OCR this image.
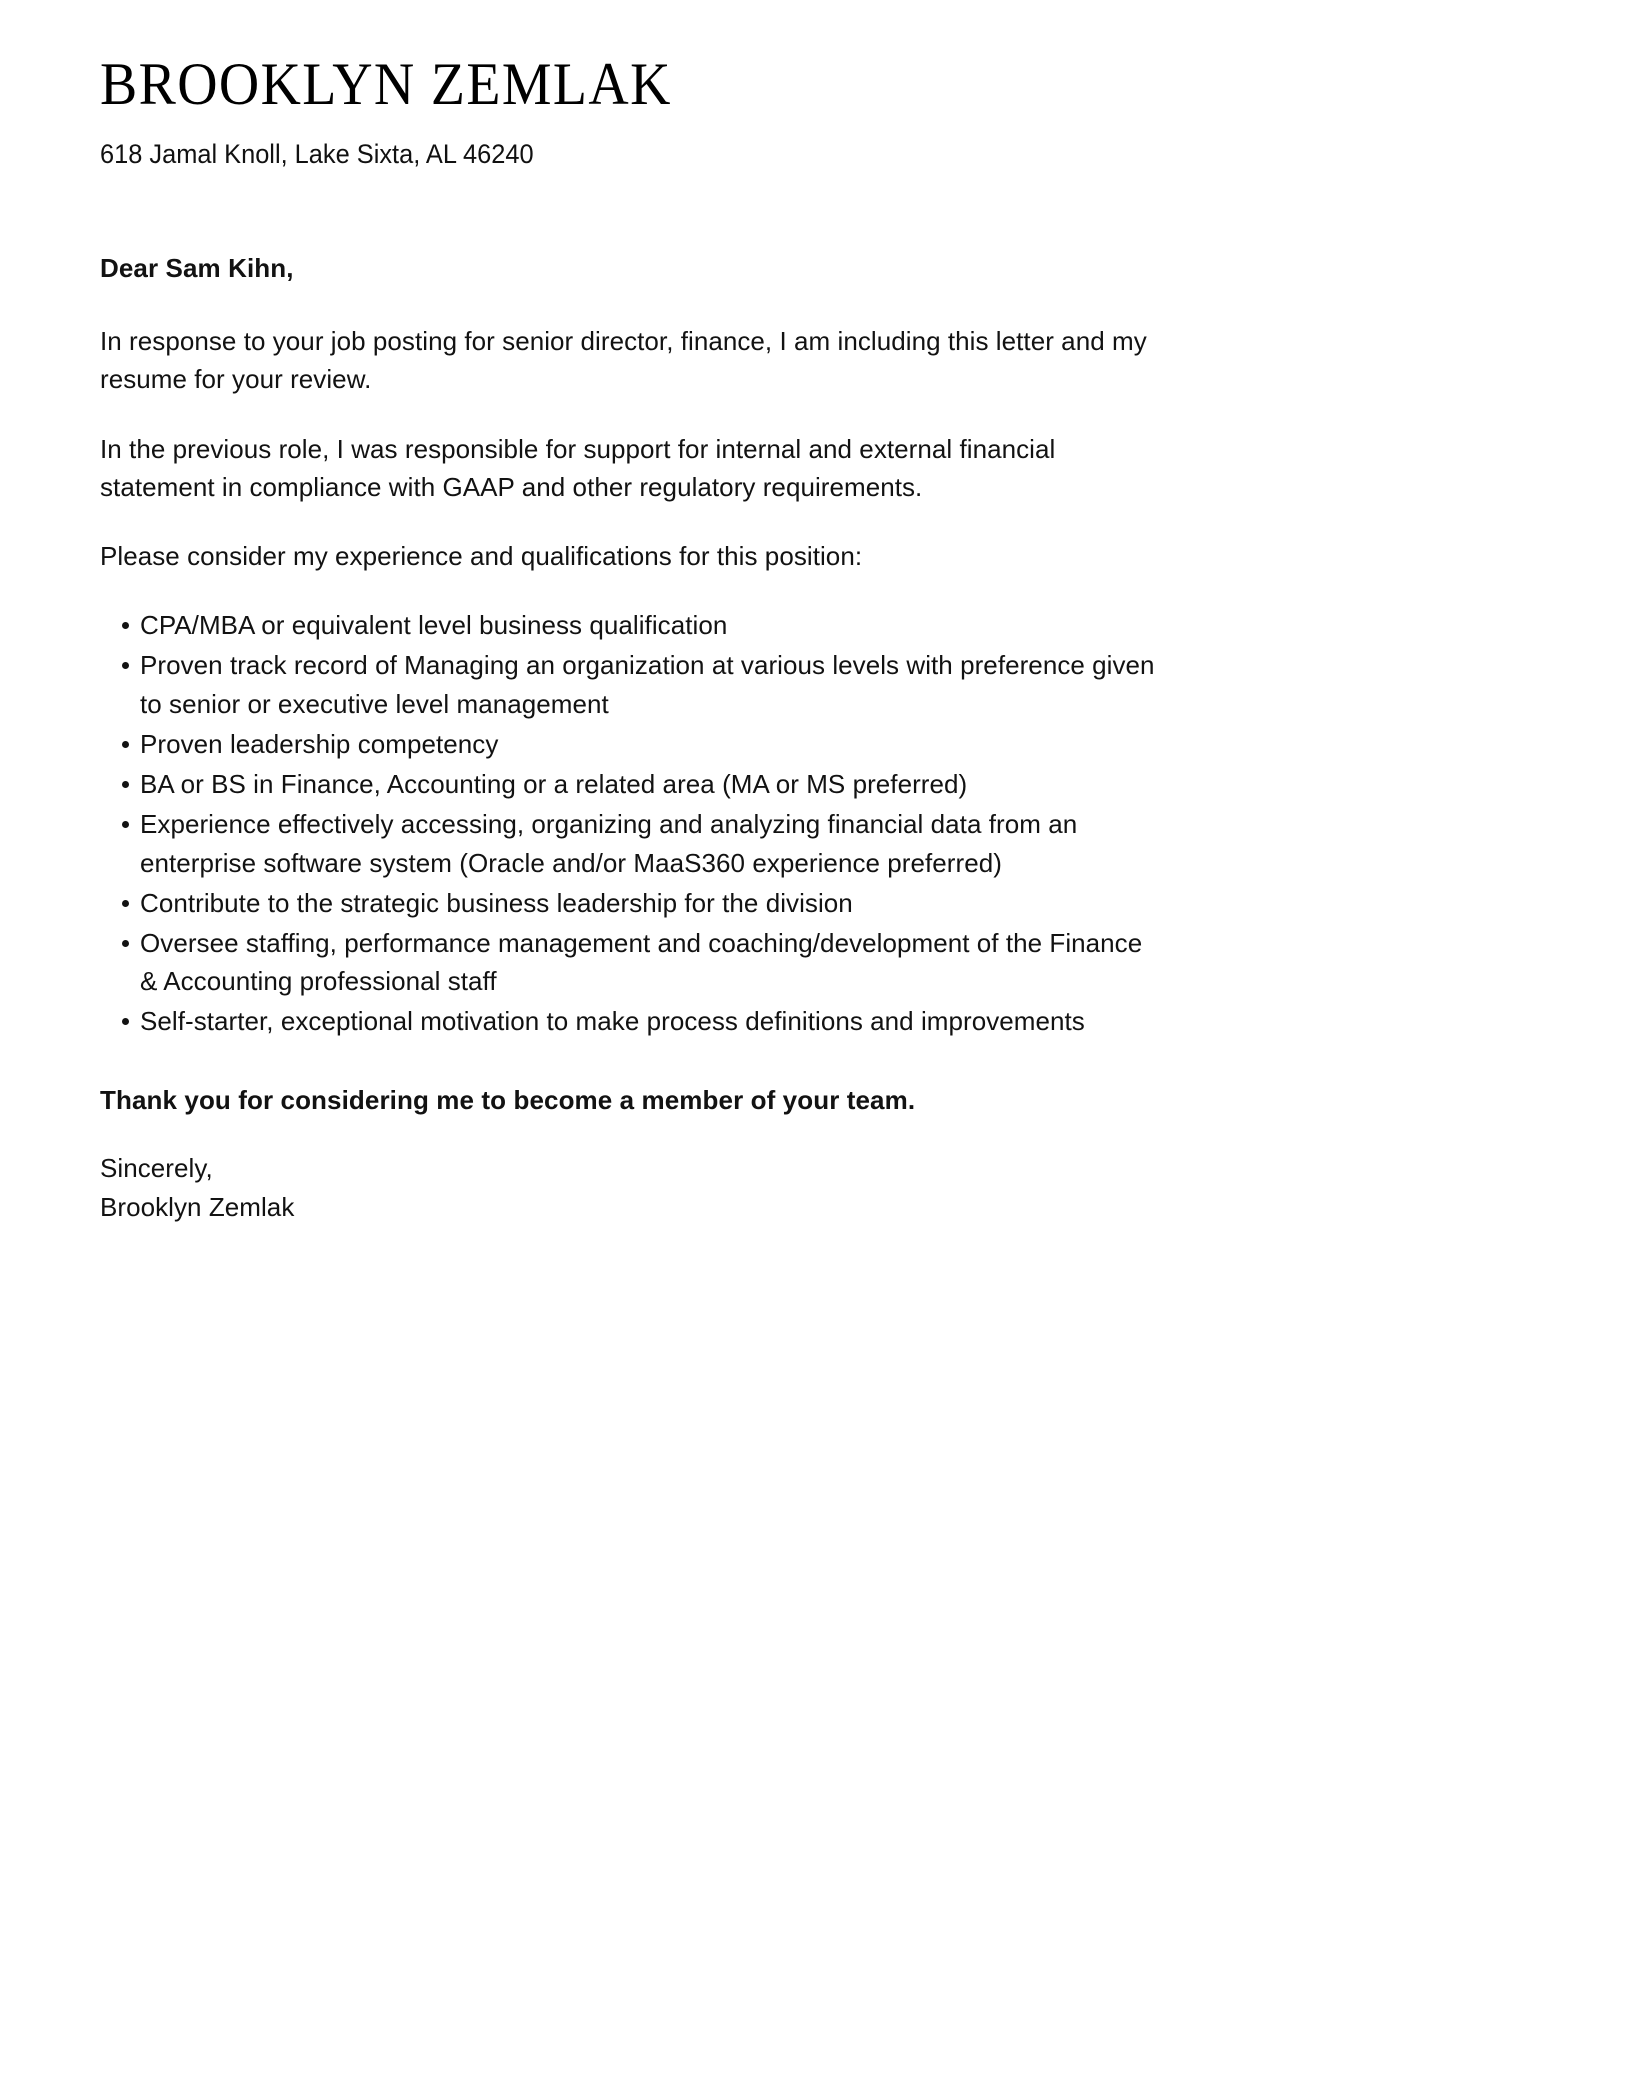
BROOKLYN ZEMLAK
618 Jamal Knoll, Lake Sixta, AL 46240
Dear Sam Kihn,

In response to your job posting for senior director, finance, I am including this letter and my resume for your review.

In the previous role, I was responsible for support for internal and external financial statement in compliance with GAAP and other regulatory requirements.

Please consider my experience and qualifications for this position:

CPA/MBA or equivalent level business qualification
Proven track record of Managing an organization at various levels with preference given to senior or executive level management
Proven leadership competency
BA or BS in Finance, Accounting or a related area (MA or MS preferred)
Experience effectively accessing, organizing and analyzing financial data from an enterprise software system (Oracle and/or MaaS360 experience preferred)
Contribute to the strategic business leadership for the division
Oversee staffing, performance management and coaching/development of the Finance & Accounting professional staff
Self-starter, exceptional motivation to make process definitions and improvements
Thank you for considering me to become a member of your team.
Sincerely,
Brooklyn Zemlak
